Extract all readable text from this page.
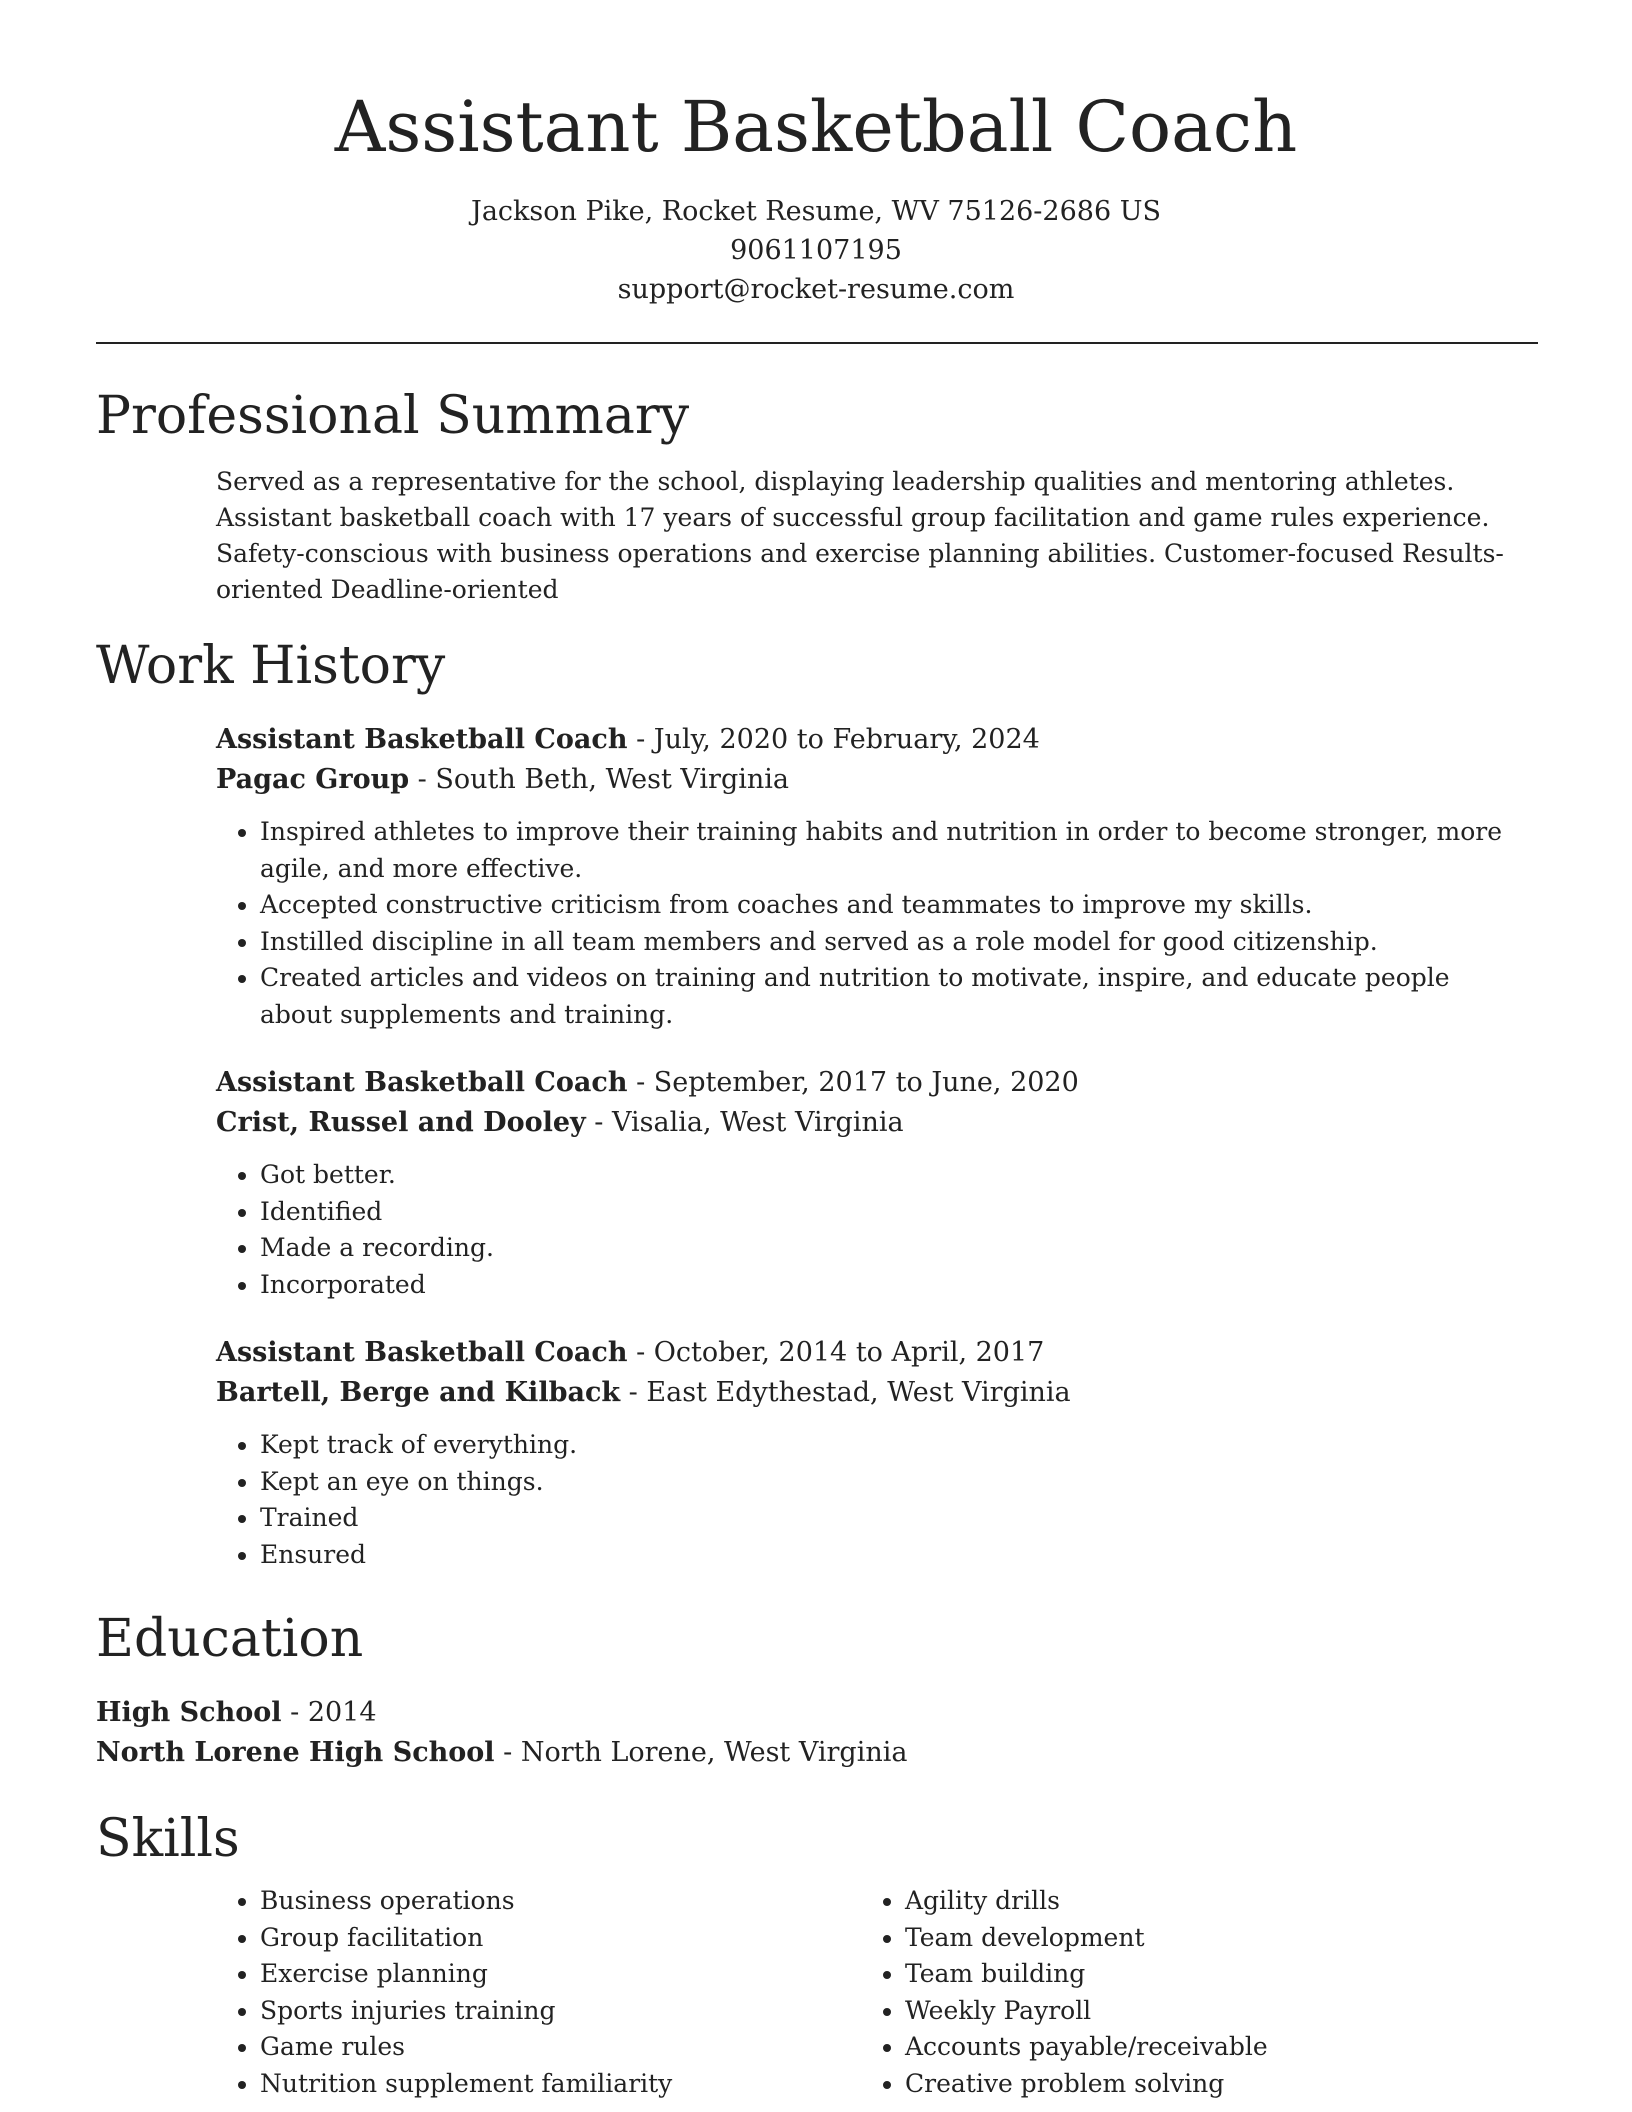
Assistant Basketball Coach
Jackson Pike, Rocket Resume, WV 75126-2686 US
9061107195
support@rocket-resume.com
Professional Summary

Served as a representative for the school, displaying leadership qualities and mentoring athletes. Assistant basketball coach with 17 years of successful group facilitation and game rules experience. Safety-conscious with business operations and exercise planning abilities. Customer-focused Results-oriented Deadline-oriented

Work History
Assistant Basketball Coach - July, 2020 to February, 2024
Pagac Group - South Beth, West Virginia
• Inspired athletes to improve their training habits and nutrition in order to become stronger, more agile, and more effective.
• Accepted constructive criticism from coaches and teammates to improve my skills.
• Instilled discipline in all team members and served as a role model for good citizenship.
• Created articles and videos on training and nutrition to motivate, inspire, and educate people about supplements and training.
Assistant Basketball Coach - September, 2017 to June, 2020
Crist, Russel and Dooley - Visalia, West Virginia
• Got better.
• Identified
• Made a recording.
• Incorporated
Assistant Basketball Coach - October, 2014 to April, 2017
Bartell, Berge and Kilback - East Edythestad, West Virginia
• Kept track of everything.
• Kept an eye on things.
• Trained
• Ensured
Education
High School - 2014
North Lorene High School - North Lorene, West Virginia
Skills
• Business operations
• Group facilitation
• Exercise planning
• Sports injuries training
• Game rules
• Nutrition supplement familiarity
• Agility drills
• Team development
• Team building
• Weekly Payroll
• Accounts payable/receivable
• Creative problem solving
